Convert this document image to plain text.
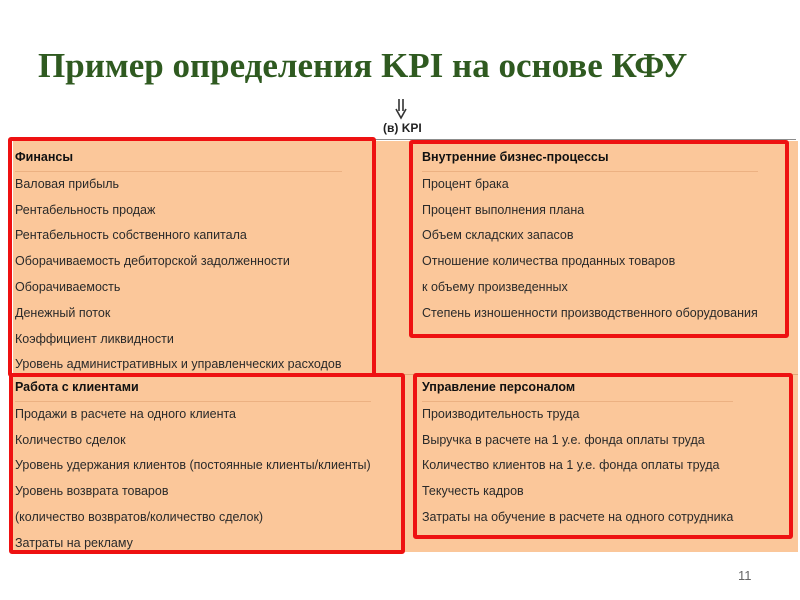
Пример определения KPI на основе КФУ
(в) KPI
Финансы
Валовая прибыль
Рентабельность продаж
Рентабельность собственного капитала
Оборачиваемость дебиторской задолженности
Оборачиваемость
Денежный поток
Коэффициент ликвидности
Уровень административных и управленческих расходов
Внутренние бизнес-процессы
Процент брака
Процент выполнения плана
Объем складских запасов
Отношение количества проданных товаров
к объему произведенных
Степень изношенности производственного оборудования
Работа с клиентами
Продажи в расчете на одного клиента
Количество сделок
Уровень удержания клиентов (постоянные клиенты/клиенты)
Уровень возврата товаров
(количество возвратов/количество сделок)
Затраты на рекламу
Управление персоналом
Производительность труда
Выручка в расчете на 1 у.е. фонда оплаты труда
Количество клиентов на 1 у.е. фонда оплаты труда
Текучесть кадров
Затраты на обучение в расчете на одного сотрудника
11
